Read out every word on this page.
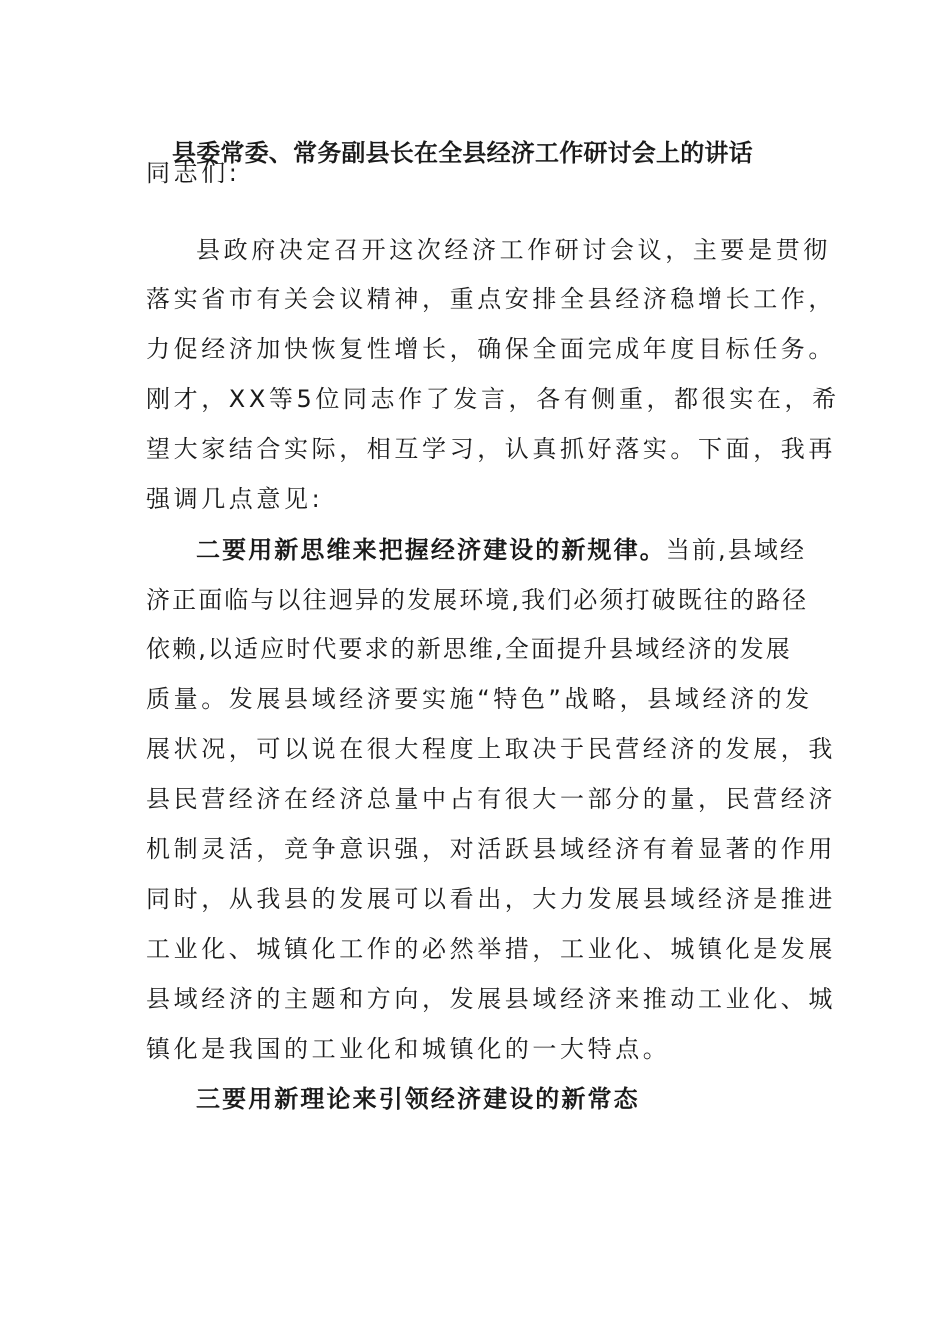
县委常委、常务副县长在全县经济工作研讨会上的讲话
同志们:
县政府决定召开这次经济工作研讨会议，主要是贯彻
落实省市有关会议精神，重点安排全县经济稳增长工作，
力促经济加快恢复性增长，确保全面完成年度目标任务。
刚才，XX等5位同志作了发言，各有侧重，都很实在，希
望大家结合实际，相互学习，认真抓好落实。下面，我再
强调几点意见:
二要用新思维来把握经济建设的新规律。当前,县域经
济正面临与以往迥异的发展环境,我们必须打破既往的路径
依赖,以适应时代要求的新思维,全面提升县域经济的发展
质量。发展县域经济要实施“特色”战略，县域经济的发
展状况，可以说在很大程度上取决于民营经济的发展，我
县民营经济在经济总量中占有很大一部分的量，民营经济
机制灵活，竞争意识强，对活跃县域经济有着显著的作用
同时，从我县的发展可以看出，大力发展县域经济是推进
工业化、城镇化工作的必然举措，工业化、城镇化是发展
县域经济的主题和方向，发展县域经济来推动工业化、城
镇化是我国的工业化和城镇化的一大特点。
三要用新理论来引领经济建设的新常态
